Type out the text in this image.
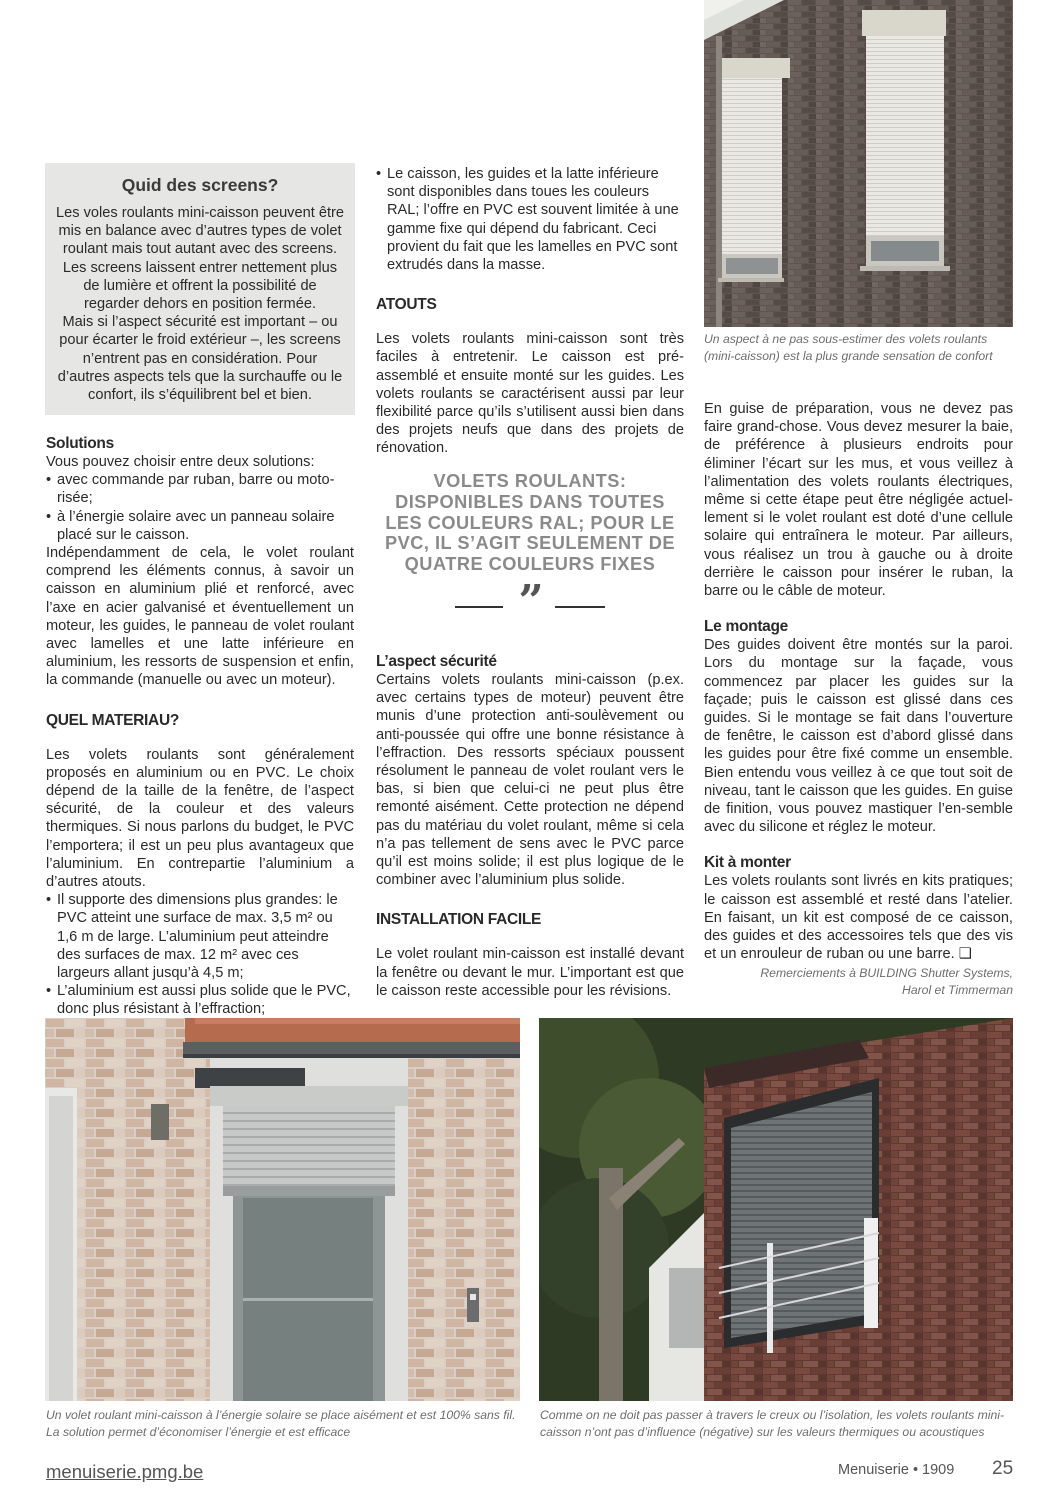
Un aspect à ne pas sous-estimer des volets roulants (mini-caisson) est la plus grande sensation de confort

Quid des screens?

Les voles roulants mini-caisson peuvent être mis en balance avec d’autres types de volet roulant mais tout autant avec des screens. Les screens laissent entrer nettement plus de lumière et offrent la possibilité de regarder dehors en position fermée.

Mais si l’aspect sécurité est important – ou pour écarter le froid extérieur –, les screens n’entrent pas en considération. Pour d’autres aspects tels que la surchauffe ou le confort, ils s’équilibrent bel et bien.

Solutions

Vous pouvez choisir entre deux solutions:

• avec commande par ruban, barre ou moto-risée;
• à l’énergie solaire avec un panneau solaire placé sur le caisson.

Indépendamment de cela, le volet roulant comprend les éléments connus, à savoir un caisson en aluminium plié et renforcé, avec l’axe en acier galvanisé et éventuellement un moteur, les guides, le panneau de volet roulant avec lamelles et une latte inférieure en aluminium, les ressorts de suspension et enfin, la commande (manuelle ou avec un moteur).

QUEL MATERIAU?

Les volets roulants sont généralement proposés en aluminium ou en PVC. Le choix dépend de la taille de la fenêtre, de l’aspect sécurité, de la couleur et des valeurs thermiques. Si nous parlons du budget, le PVC l’emportera; il est un peu plus avantageux que l’aluminium. En contrepartie l’aluminium a d’autres atouts.

• Il supporte des dimensions plus grandes: le PVC atteint une surface de max. 3,5 m² ou 1,6 m de large. L’aluminium peut atteindre des surfaces de max. 12 m² avec ces largeurs allant jusqu’à 4,5 m;
• L’aluminium est aussi plus solide que le PVC, donc plus résistant à l’effraction;
• Le caisson, les guides et la latte inférieure sont disponibles dans toues les couleurs RAL; l’offre en PVC est souvent limitée à une gamme fixe qui dépend du fabricant. Ceci provient du fait que les lamelles en PVC sont extrudés dans la masse.

ATOUTS

Les volets roulants mini-caisson sont très faciles à entretenir. Le caisson est pré-assemblé et ensuite monté sur les guides. Les volets roulants se caractérisent aussi par leur flexibilité parce qu’ils s’utilisent aussi bien dans des projets neufs que dans des projets de rénovation.

VOLETS ROULANTS: DISPONIBLES DANS TOUTES LES COULEURS RAL; POUR LE PVC, IL S’AGIT SEULEMENT DE QUATRE COULEURS FIXES
”

L’aspect sécurité

Certains volets roulants mini-caisson (p.ex. avec certains types de moteur) peuvent être munis d’une protection anti-soulèvement ou anti-poussée qui offre une bonne résistance à l’effraction. Des ressorts spéciaux poussent résolument le panneau de volet roulant vers le bas, si bien que celui-ci ne peut plus être remonté aisément. Cette protection ne dépend pas du matériau du volet roulant, même si cela n’a pas tellement de sens avec le PVC parce qu’il est moins solide; il est plus logique de le combiner avec l’aluminium plus solide.

INSTALLATION FACILE

Le volet roulant min-caisson est installé devant la fenêtre ou devant le mur. L’important est que le caisson reste accessible pour les révisions.

En guise de préparation, vous ne devez pas faire grand-chose. Vous devez mesurer la baie, de préférence à plusieurs endroits pour éliminer l’écart sur les mus, et vous veillez à l’alimentation des volets roulants électriques, même si cette étape peut être négligée actuel-lement si le volet roulant est doté d’une cellule solaire qui entraînera le moteur. Par ailleurs, vous réalisez un trou à gauche ou à droite derrière le caisson pour insérer le ruban, la barre ou le câble de moteur.

Le montage

Des guides doivent être montés sur la paroi. Lors du montage sur la façade, vous commencez par placer les guides sur la façade; puis le caisson est glissé dans ces guides. Si le montage se fait dans l’ouverture de fenêtre, le caisson est d’abord glissé dans les guides pour être fixé comme un ensemble. Bien entendu vous veillez à ce que tout soit de niveau, tant le caisson que les guides. En guise de finition, vous pouvez mastiquer l’en-semble avec du silicone et réglez le moteur.

Kit à monter

Les volets roulants sont livrés en kits pratiques; le caisson est assemblé et resté dans l’atelier. En faisant, un kit est composé de ce caisson, des guides et des accessoires tels que des vis et un enrouleur de ruban ou une barre. ❑

Remerciements à BUILDING Shutter Systems,

Harol et Timmerman

Un volet roulant mini-caisson à l’énergie solaire se place aisément et est 100% sans fil. La solution permet d’économiser l’énergie et est efficace

Comme on ne doit pas passer à travers le creux ou l’isolation, les volets roulants mini-caisson n’ont pas d’influence (négative) sur les valeurs thermiques ou acoustiques

menuiserie.pmg.be	Menuiserie • 1909 25
